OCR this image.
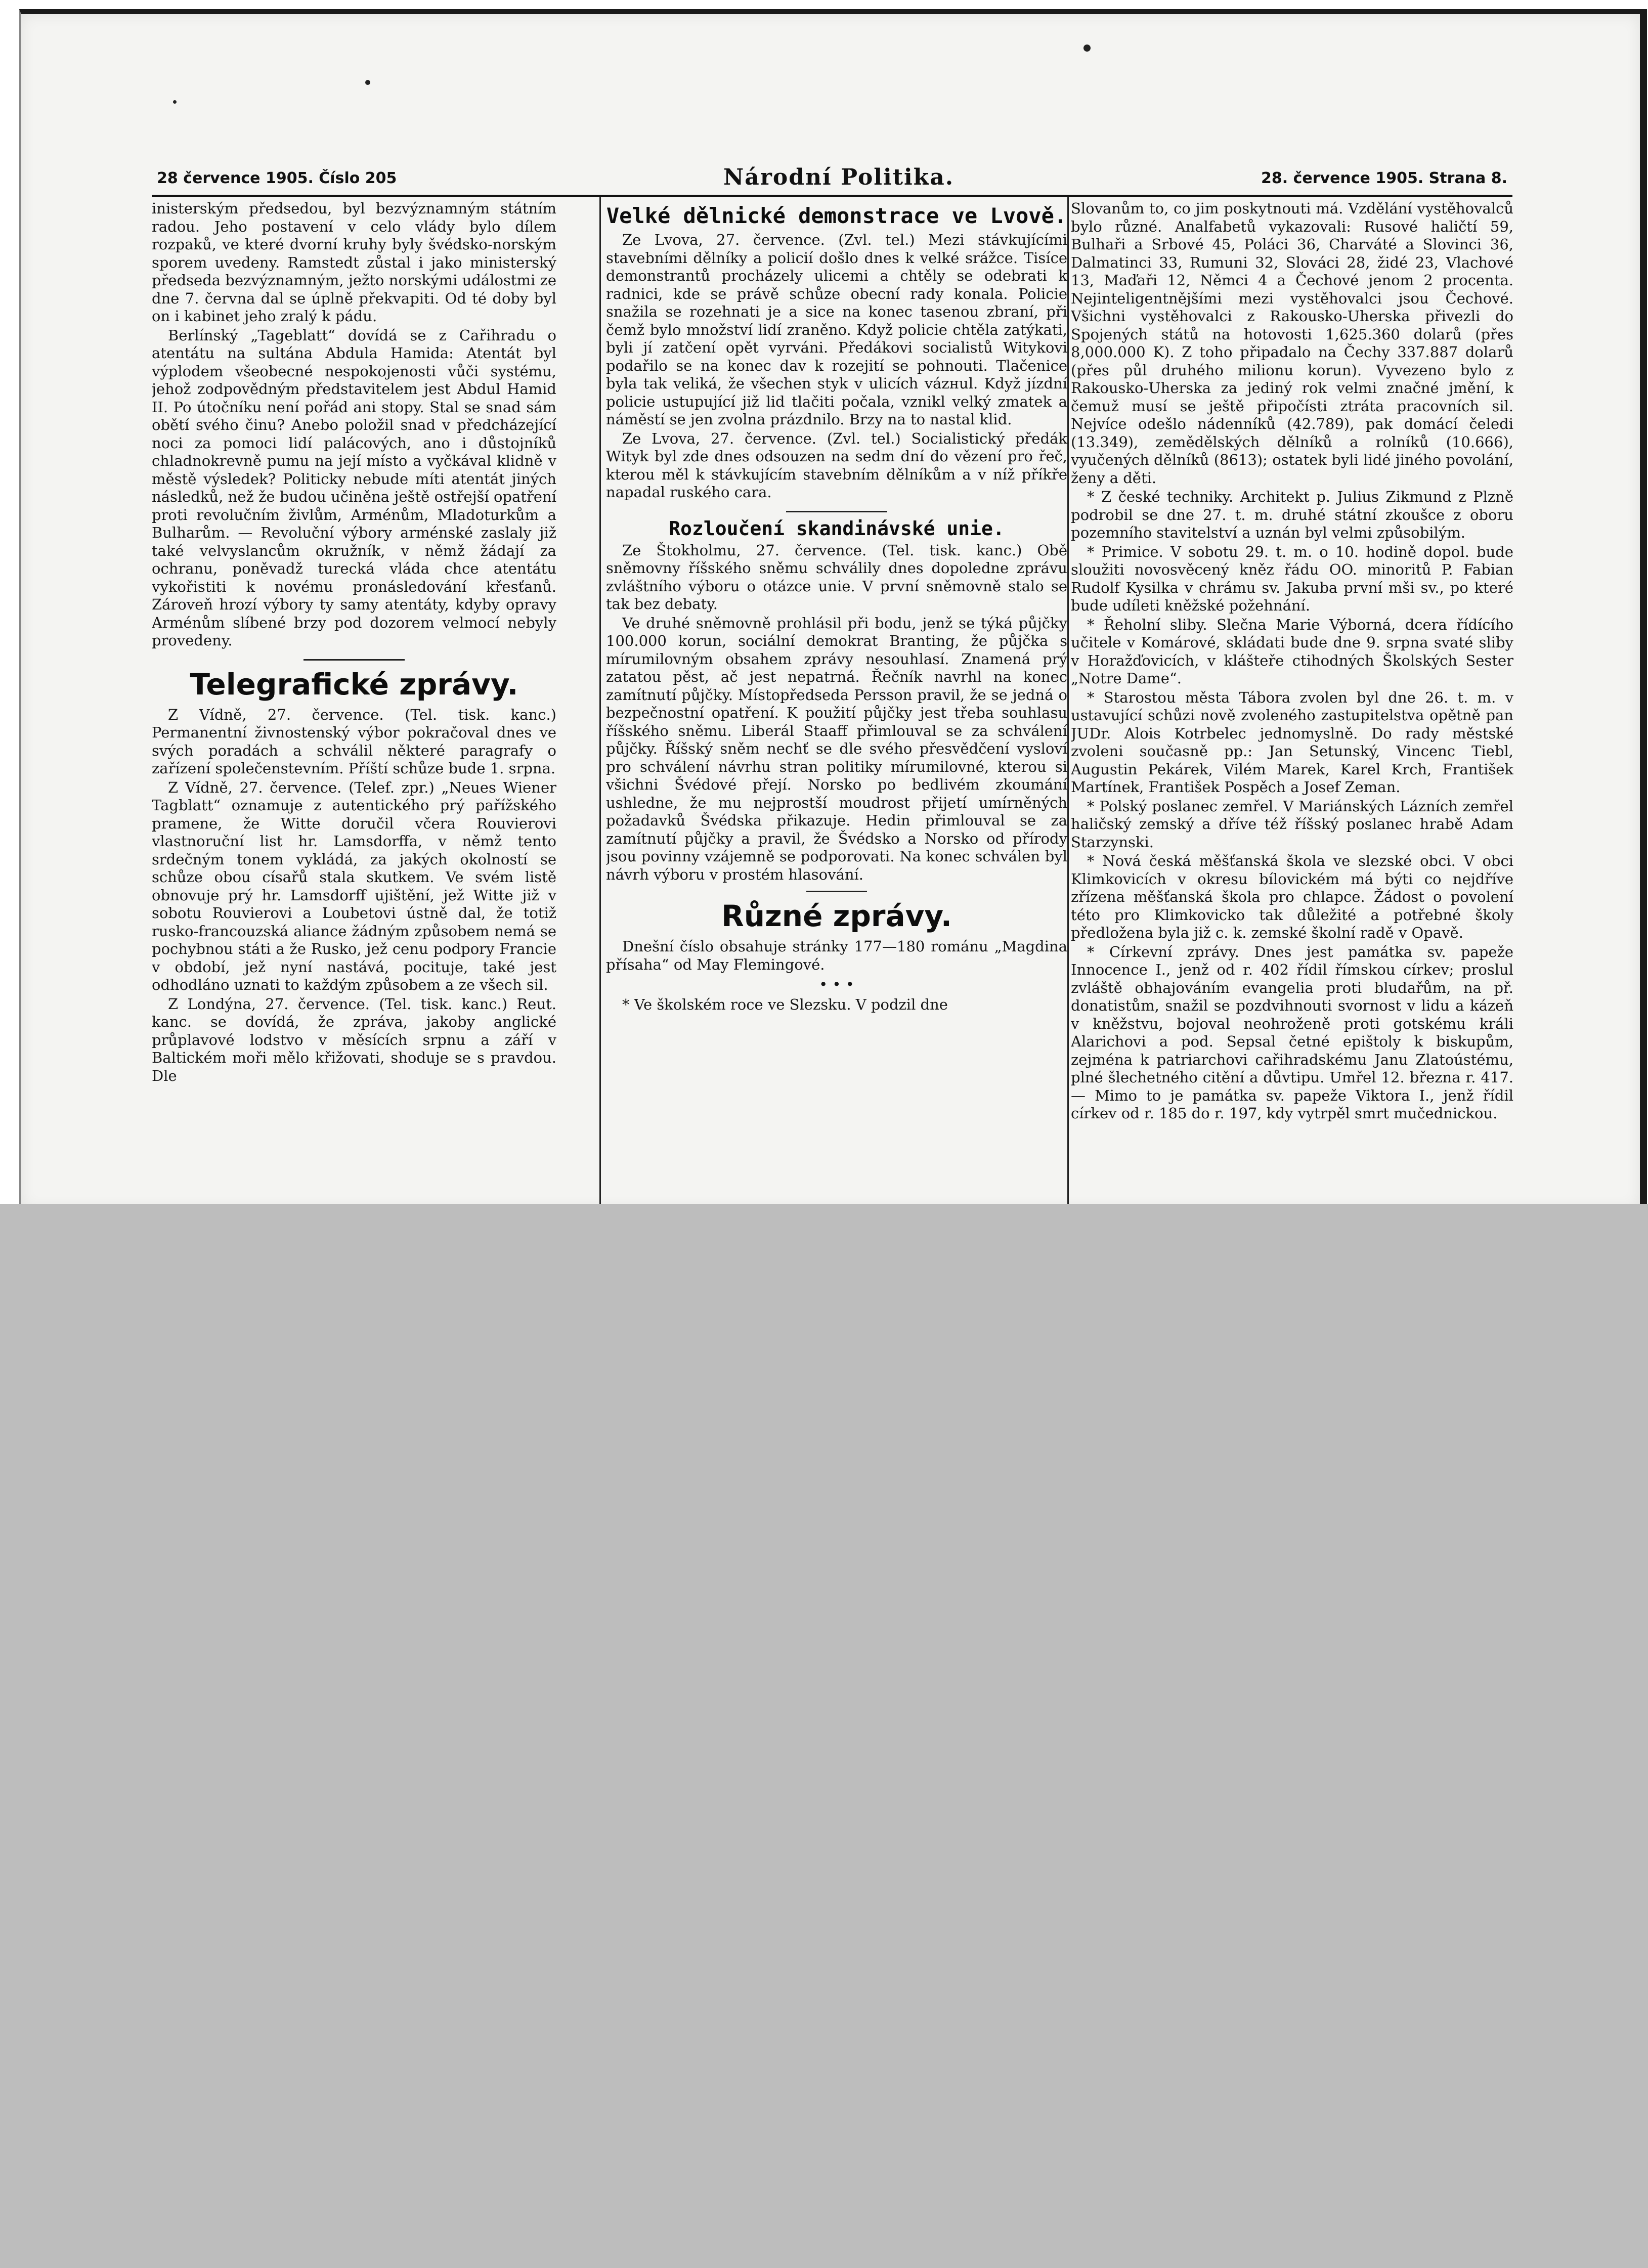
28 července 1905. Číslo 205	Národní Politika.	28. července 1905. Strana 8.

inisterským předsedou, byl bezvýznamným státním radou. Jeho postavení v celo vlády bylo dílem rozpaků, ve které dvorní kruhy byly švédsko-norským sporem uvedeny. Ramstedt zůstal i jako ministerský předseda bezvýznamným, ježto norskými událostmi ze dne 7. června dal se úplně překvapiti. Od té doby byl on i kabinet jeho zralý k pádu.

Berlínský „Tageblatt“ dovídá se z Cařihradu o atentátu na sultána Abdula Hamida: Atentát byl výplodem všeobecné nespokojenosti vůči systému, jehož zodpovědným představitelem jest Abdul Hamid II. Po útočníku není pořád ani stopy. Stal se snad sám obětí svého činu? Anebo položil snad v předcházející noci za pomoci lidí palácových, ano i důstojníků chladnokrevně pumu na její místo a vyčkával klidně v městě výsledek? Politicky nebude míti atentát jiných následků, než že budou učiněna ještě ostřejší opatření proti revolučním živlům, Arménům, Mladoturkům a Bulharům. — Revoluční výbory arménské zaslaly již také velvyslancům okružník, v němž žádají za ochranu, poněvadž turecká vláda chce atentátu vykořistiti k novému pronásledování křesťanů. Zároveň hrozí výbory ty samy atentáty, kdyby opravy Arménům slíbené brzy pod dozorem velmocí nebyly provedeny.

Telegrafické zprávy.

Z Vídně, 27. července. (Tel. tisk. kanc.) Permanentní živnostenský výbor pokračoval dnes ve svých poradách a schválil některé paragrafy o zařízení společenstevním. Příští schůze bude 1. srpna.

Z Vídně, 27. července. (Telef. zpr.) „Neues Wiener Tagblatt“ oznamuje z autentického prý pařížského pramene, že Witte doručil včera Rouvierovi vlastnoruční list hr. Lamsdorffa, v němž tento srdečným tonem vykládá, za jakých okolností se schůze obou císařů stala skutkem. Ve svém listě obnovuje prý hr. Lamsdorff ujištění, jež Witte již v sobotu Rouvierovi a Loubetovi ústně dal, že totiž rusko-francouzská aliance žádným způsobem nemá se pochybnou státi a že Rusko, jež cenu podpory Francie v období, jež nyní nastává, pocituje, také jest odhodláno uznati to každým způsobem a ze všech sil.

Z Londýna, 27. července. (Tel. tisk. kanc.) Reut. kanc. se dovídá, že zpráva, jakoby anglické průplavové lodstvo v měsících srpnu a září v Baltickém moři mělo křižovati, shoduje se s pravdou. Dle

Velké dělnické demonstrace ve Lvově.

Ze Lvova, 27. července. (Zvl. tel.) Mezi stávkujícími stavebními dělníky a policií došlo dnes k velké srážce. Tisíce demonstrantů procházely ulicemi a chtěly se odebrati k radnici, kde se právě schůze obecní rady konala. Policie snažila se rozehnati je a sice na konec tasenou zbraní, při čemž bylo množství lidí zraněno. Když policie chtěla zatýkati, byli jí zatčení opět vyrváni. Předákovi socialistů Witykovi podařilo se na konec dav k rozejití se pohnouti. Tlačenice byla tak veliká, že všechen styk v ulicích vázнul. Když jízdní policie ustupující již lid tlačiti počala, vznikl velký zmatek a náměstí se jen zvolna prázdnilo. Brzy na to nastal klid.

Ze Lvova, 27. července. (Zvl. tel.) Socialistický předák Wityk byl zde dnes odsouzen na sedm dní do vězení pro řeč, kterou měl k stávkujícím stavebním dělníkům a v níž příkře napadal ruského cara.

Rozloučení skandinávské unie.

Ze Štokholmu, 27. července. (Tel. tisk. kanc.) Obě sněmovny říšského sněmu schválily dnes dopoledne zprávu zvláštního výboru o otázce unie. V první sněmovně stalo se tak bez debaty.

Ve druhé sněmovně prohlásil při bodu, jenž se týká půjčky 100.000 korun, sociální demokrat Branting, že půjčka s mírumilovným obsahem zprávy nesouhlasí. Znamená prý zatatou pěst, ač jest nepatrná. Řečník navrhl na konec zamítnutí půjčky. Místopředseda Persson pravil, že se jedná o bezpečnostní opatření. K použití půjčky jest třeba souhlasu říšského sněmu. Liberál Staaff přimlouval se za schválení půjčky. Říšský sněm nechť se dle svého přesvědčení vysloví pro schválení návrhu stran politiky mírumilovné, kterou si všichni Švédové přejí. Norsko po bedlivém zkoumání ushledne, že mu nejprostší moudrost přijetí umírněných požadavků Švédska přikazuje. Hedin přimlouval se za zamítnutí půjčky a pravil, že Švédsko a Norsko od přírody jsou povinny vzájemně se podporovati. Na konec schválen byl návrh výboru v prostém hlasování.

Různé zprávy.

Dnešní číslo obsahuje stránky 177—180 románu „Magdina přísaha“ od May Flemingové.

• • •

* Ve školském roce ve Slezsku. V podzil dne

Slovanům to, co jim poskytnouti má. Vzdělání vystěhovalců bylo různé. Analfabetů vykazovali: Rusové haličtí 59, Bulhaři a Srbové 45, Poláci 36, Charváté a Slovinci 36, Dalmatinci 33, Rumuni 32, Slováci 28, židé 23, Vlachové 13, Maďaři 12, Němci 4 a Čechové jenom 2 procenta. Nejinteligentnějšími mezi vystěhovalci jsou Čechové. Všichni vystěhovalci z Rakousko-Uherska přivezli do Spojených států na hotovosti 1,625.360 dolarů (přes 8,000.000 K). Z toho připadalo na Čechy 337.887 dolarů (přes půl druhého milionu korun). Vyvezeno bylo z Rakousko-Uherska za jediný rok velmi značné jmění, k čemuž musí se ještě připočísti ztráta pracovních sil. Nejvíce odešlo nádenníků (42.789), pak domácí čeledi (13.349), zemědělských dělníků a rolníků (10.666), vyučených dělníků (8613); ostatek byli lidé jiného povolání, ženy a děti.

* Z české techniky. Architekt p. Julius Zikmund z Plzně podrobil se dne 27. t. m. druhé státní zkoušce z oboru pozemního stavitelství a uznán byl velmi způsobilým.

* Primice. V sobotu 29. t. m. o 10. hodině dopol. bude sloužiti novosvěcený kněz řádu OO. minoritů P. Fabian Rudolf Kysilka v chrámu sv. Jakuba první mši sv., po které bude udíleti kněžské požehnání.

* Řeholní sliby. Slečna Marie Výborná, dcera řídícího učitele v Komárové, skládati bude dne 9. srpna svaté sliby v Horažďovicích, v klášteře ctihodných Školských Sester „Notre Dame“.

* Starostou města Tábora zvolen byl dne 26. t. m. v ustavující schůzi nově zvoleného zastupitelstva opětně pan JUDr. Alois Kotrbelec jednomyslně. Do rady městské zvoleni současně pp.: Jan Setunský, Vincenc Tiebl, Augustin Pekárek, Vilém Marek, Karel Krch, František Martínek, František Pospěch a Josef Zeman.

* Polský poslanec zemřel. V Mariánských Lázních zemřel haličský zemský a dříve též říšský poslanec hrabě Adam Starzynski.

* Nová česká měšťanská škola ve slezské obci. V obci Klimkovicích v okresu bílovickém má býti co nejdříve zřízena měšťanská škola pro chlapce. Žádost o povolení této pro Klimkovicko tak důležité a potřebné školy předložena byla již c. k. zemské školní radě v Opavě.

* Církevní zprávy. Dnes jest památka sv. papeže Innocence I., jenž od r. 402 řídil římskou církev; proslul zvláště obhajováním evangelia proti bludařům, na př. donatistům, snažil se pozdvihnouti svornost v lidu a kázeň v kněžstvu, bojoval neohroženě proti gotskému králi Alarichovi a pod. Sepsal četné epištoly k biskupům, zejména k patriarchovi cařihradskému Janu Zlatoústému, plné šlechetného citění a důvtipu. Umřel 12. března r. 417. — Mimo to je památka sv. papeže Viktora I., jenž řídil církev od r. 185 do r. 197, kdy vytrpěl smrt mučednickou.
